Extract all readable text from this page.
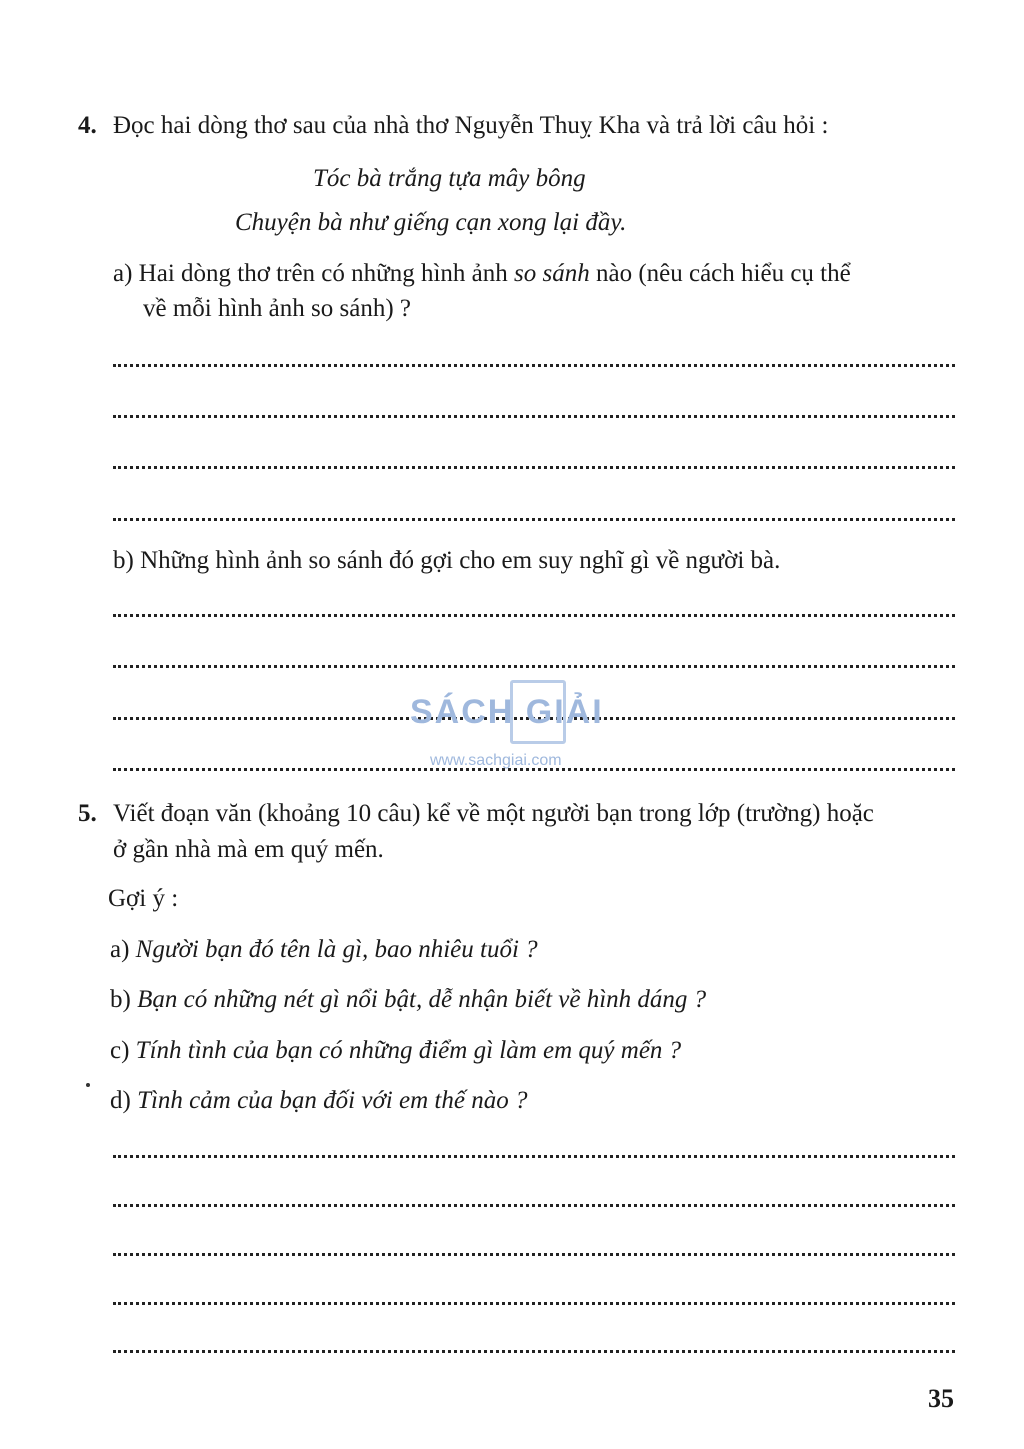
4. Đọc hai dòng thơ sau của nhà thơ Nguyễn Thuỵ Kha và trả lời câu hỏi :
Tóc bà trắng tựa mây bông
Chuyện bà như giếng cạn xong lại đầy.
a) Hai dòng thơ trên có những hình ảnh so sánh nào (nêu cách hiểu cụ thể
về mỗi hình ảnh so sánh) ?
b) Những hình ảnh so sánh đó gợi cho em suy nghĩ gì về người bà.
SÁCH GIẢI
www.sachgiai.com
5. Viết đoạn văn (khoảng 10 câu) kể về một người bạn trong lớp (trường) hoặc
ở gần nhà mà em quý mến.
Gợi ý :
a) Người bạn đó tên là gì, bao nhiêu tuổi ?
b) Bạn có những nét gì nổi bật, dễ nhận biết về hình dáng ?
c) Tính tình của bạn có những điểm gì làm em quý mến ?
d) Tình cảm của bạn đối với em thế nào ?
35
